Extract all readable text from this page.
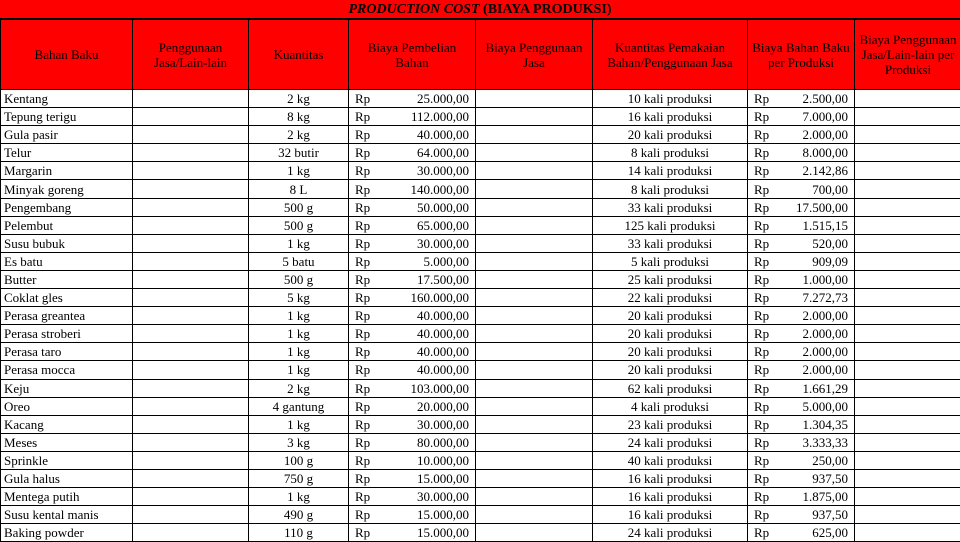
PRODUCTION COST (BIAYA PRODUKSI)
Bahan Baku	Penggunaan Jasa/Lain-lain	Kuantitas	Biaya Pembelian Bahan	Biaya Penggunaan Jasa	Kuantitas Pemakaian Bahan/Penggunaan Jasa	Biaya Bahan Baku per Produksi	Biaya Penggunaan Jasa/Lain-lain per Produksi
Kentang		2 kg	Rp 25.000,00		10 kali produksi	Rp 2.500,00	

Tepung terigu		8 kg	Rp 112.000,00		16 kali produksi	Rp 7.000,00	

Gula pasir		2 kg	Rp 40.000,00		20 kali produksi	Rp 2.000,00	

Telur		32 butir	Rp 64.000,00		8 kali produksi	Rp 8.000,00	

Margarin		1 kg	Rp 30.000,00		14 kali produksi	Rp 2.142,86	

Minyak goreng		8 L	Rp 140.000,00		8 kali produksi	Rp 700,00	

Pengembang		500 g	Rp 50.000,00		33 kali produksi	Rp 17.500,00	

Pelembut		500 g	Rp 65.000,00		125 kali produksi	Rp 1.515,15	

Susu bubuk		1 kg	Rp 30.000,00		33 kali produksi	Rp 520,00	

Es batu		5 batu	Rp 5.000,00		5 kali produksi	Rp 909,09	

Butter		500 g	Rp 17.500,00		25 kali produksi	Rp 1.000,00	

Coklat gles		5 kg	Rp 160.000,00		22 kali produksi	Rp 7.272,73	

Perasa greantea		1 kg	Rp 40.000,00		20 kali produksi	Rp 2.000,00	

Perasa stroberi		1 kg	Rp 40.000,00		20 kali produksi	Rp 2.000,00	

Perasa taro		1 kg	Rp 40.000,00		20 kali produksi	Rp 2.000,00	

Perasa mocca		1 kg	Rp 40.000,00		20 kali produksi	Rp 2.000,00	

Keju		2 kg	Rp 103.000,00		62 kali produksi	Rp 1.661,29	

Oreo		4 gantung	Rp 20.000,00		4 kali produksi	Rp 5.000,00	

Kacang		1 kg	Rp 30.000,00		23 kali produksi	Rp 1.304,35	

Meses		3 kg	Rp 80.000,00		24 kali produksi	Rp 3.333,33	

Sprinkle		100 g	Rp 10.000,00		40 kali produksi	Rp 250,00	

Gula halus		750 g	Rp 15.000,00		16 kali produksi	Rp 937,50	

Mentega putih		1 kg	Rp 30.000,00		16 kali produksi	Rp 1.875,00	

Susu kental manis		490 g	Rp 15.000,00		16 kali produksi	Rp 937,50	

Baking powder		110 g	Rp 15.000,00		24 kali produksi	Rp 625,00	
